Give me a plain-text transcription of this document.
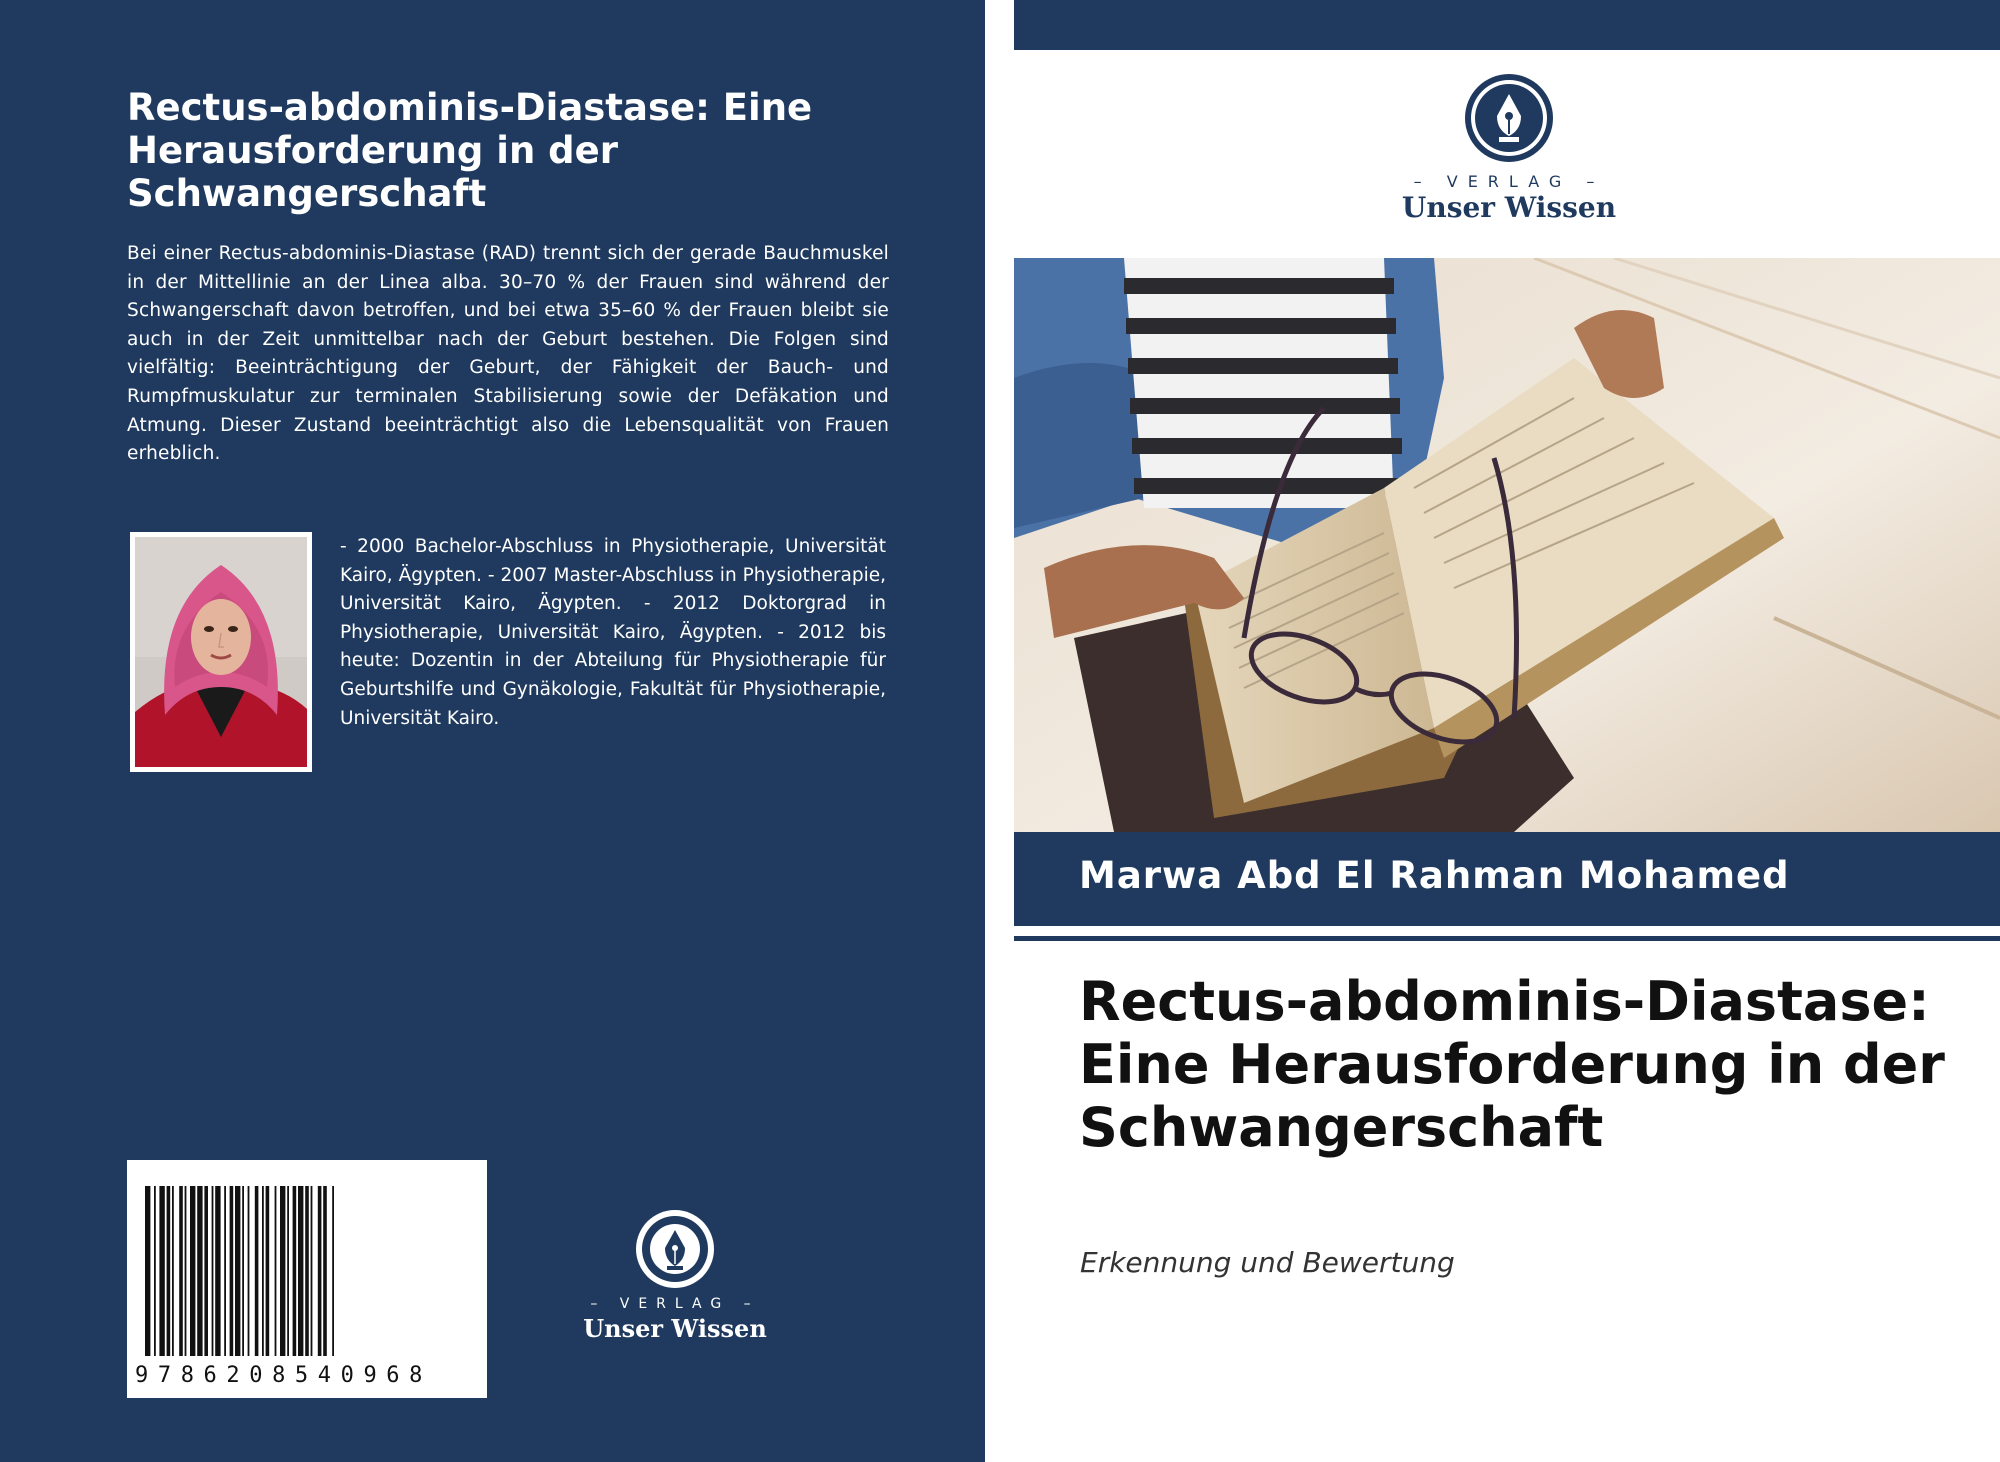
Rectus-abdominis-Diastase: Eine Herausforderung in der Schwangerschaft

Bei einer Rectus-abdominis-Diastase (RAD) trennt sich der gerade Bauchmuskel in der Mittellinie an der Linea alba. 30–70 % der Frauen sind während der Schwangerschaft davon betroffen, und bei etwa 35–60 % der Frauen bleibt sie auch in der Zeit unmittelbar nach der Geburt bestehen. Die Folgen sind vielfältig: Beeinträchtigung der Geburt, der Fähigkeit der Bauch- und Rumpfmuskulatur zur terminalen Stabilisierung sowie der Defäkation und Atmung. Dieser Zustand beeinträchtigt also die Lebensqualität von Frauen erheblich.

- 2000 Bachelor-Abschluss in Physiotherapie, Universität Kairo, Ägypten. - 2007 Master-Abschluss in Physiotherapie, Universität Kairo, Ägypten. - 2012 Doktorgrad in Physiotherapie, Universität Kairo, Ägypten. - 2012 bis heute: Dozentin in der Abteilung für Physiotherapie für Geburtshilfe und Gynäkologie, Fakultät für Physiotherapie, Universität Kairo.

9786208540968
– VERLAG –
Unser Wissen
– VERLAG –
Unser Wissen
Marwa Abd El Rahman Mohamed
Rectus-abdominis-Diastase: Eine Herausforderung in der Schwangerschaft
Erkennung und Bewertung
